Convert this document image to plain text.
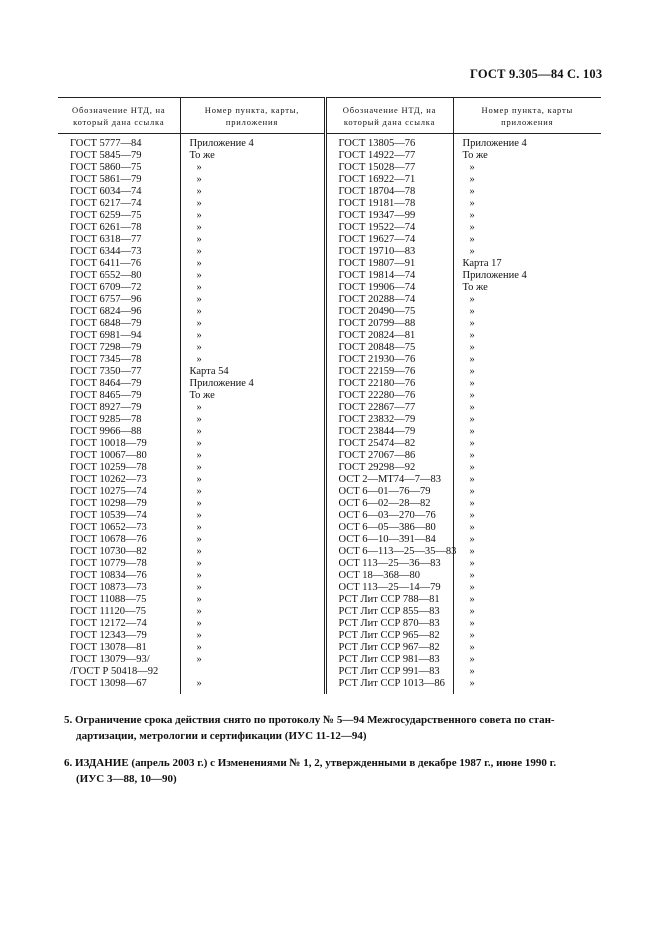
ГОСТ 9.305—84 С. 103
Обозначение НТД, на который дана ссылка	Номер пункта, карты, приложения	Обозначение НТД, на который дана ссылка	Номер пункта, карты приложения
ГОСТ 5777—84	Приложение 4	ГОСТ 13805—76	Приложение 4
ГОСТ 5845—79	То же	ГОСТ 14922—77	То же
ГОСТ 5860—75	»	ГОСТ 15028—77	»
ГОСТ 5861—79	»	ГОСТ 16922—71	»
ГОСТ 6034—74	»	ГОСТ 18704—78	»
ГОСТ 6217—74	»	ГОСТ 19181—78	»
ГОСТ 6259—75	»	ГОСТ 19347—99	»
ГОСТ 6261—78	»	ГОСТ 19522—74	»
ГОСТ 6318—77	»	ГОСТ 19627—74	»
ГОСТ 6344—73	»	ГОСТ 19710—83	»
ГОСТ 6411—76	»	ГОСТ 19807—91	Карта 17
ГОСТ 6552—80	»	ГОСТ 19814—74	Приложение 4
ГОСТ 6709—72	»	ГОСТ 19906—74	То же
ГОСТ 6757—96	»	ГОСТ 20288—74	»
ГОСТ 6824—96	»	ГОСТ 20490—75	»
ГОСТ 6848—79	»	ГОСТ 20799—88	»
ГОСТ 6981—94	»	ГОСТ 20824—81	»
ГОСТ 7298—79	»	ГОСТ 20848—75	»
ГОСТ 7345—78	»	ГОСТ 21930—76	»
ГОСТ 7350—77	Карта 54	ГОСТ 22159—76	»
ГОСТ 8464—79	Приложение 4	ГОСТ 22180—76	»
ГОСТ 8465—79	То же	ГОСТ 22280—76	»
ГОСТ 8927—79	»	ГОСТ 22867—77	»
ГОСТ 9285—78	»	ГОСТ 23832—79	»
ГОСТ 9966—88	»	ГОСТ 23844—79	»
ГОСТ 10018—79	»	ГОСТ 25474—82	»
ГОСТ 10067—80	»	ГОСТ 27067—86	»
ГОСТ 10259—78	»	ГОСТ 29298—92	»
ГОСТ 10262—73	»	ОСТ 2—МТ74—7—83	»
ГОСТ 10275—74	»	ОСТ 6—01—76—79	»
ГОСТ 10298—79	»	ОСТ 6—02—28—82	»
ГОСТ 10539—74	»	ОСТ 6—03—270—76	»
ГОСТ 10652—73	»	ОСТ 6—05—386—80	»
ГОСТ 10678—76	»	ОСТ 6—10—391—84	»
ГОСТ 10730—82	»	ОСТ 6—113—25—35—83	»
ГОСТ 10779—78	»	ОСТ 113—25—36—83	»
ГОСТ 10834—76	»	ОСТ 18—368—80	»
ГОСТ 10873—73	»	ОСТ 113—25—14—79	»
ГОСТ 11088—75	»	РСТ Лит ССР 788—81	»
ГОСТ 11120—75	»	РСТ Лит ССР 855—83	»
ГОСТ 12172—74	»	РСТ Лит ССР 870—83	»
ГОСТ 12343—79	»	РСТ Лит ССР 965—82	»
ГОСТ 13078—81	»	РСТ Лит ССР 967—82	»
ГОСТ 13079—93/	»	РСТ Лит ССР 981—83	»
/ГОСТ Р 50418—92		РСТ Лит ССР 991—83	»
ГОСТ 13098—67	»	РСТ Лит ССР 1013—86	»
5. Ограничение срока действия снято по протоколу № 5—94 Межгосударственного совета по стан-
дартизации, метрологии и сертификации (ИУС 11-12—94)
6. ИЗДАНИЕ (апрель 2003 г.) с Изменениями № 1, 2, утвержденными в декабре 1987 г., июне 1990 г.
(ИУС 3—88, 10—90)
